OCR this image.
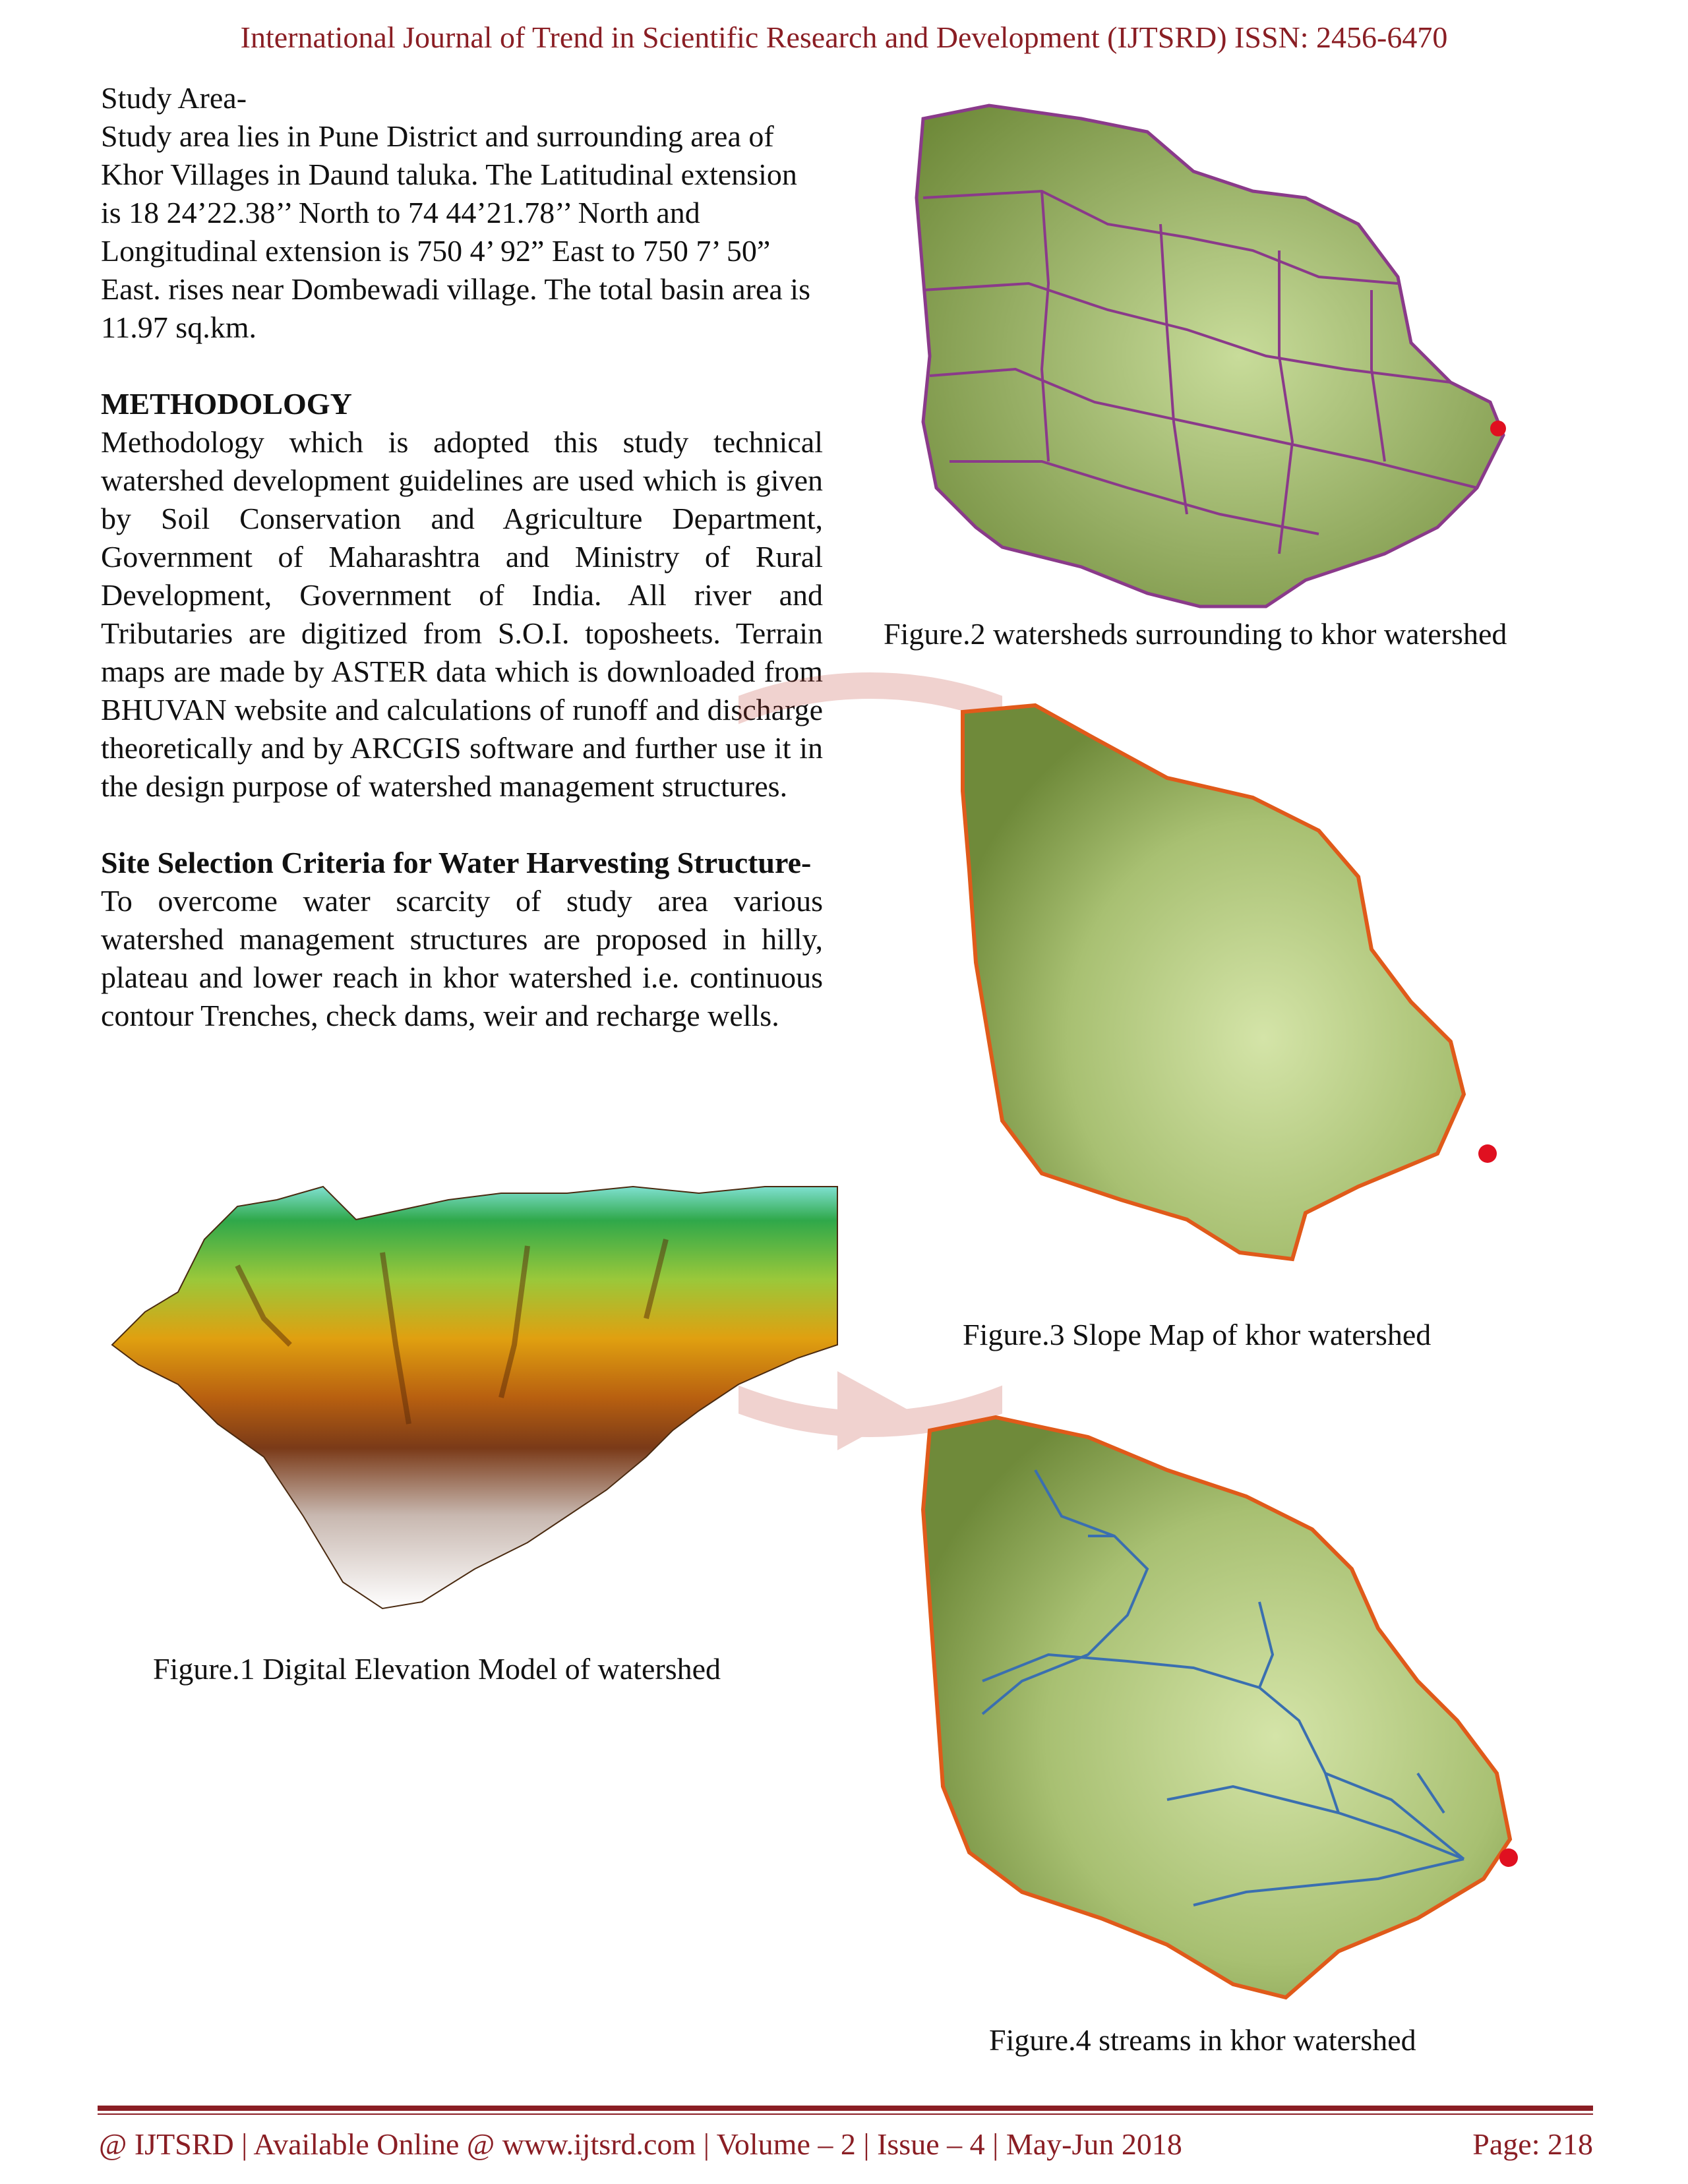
International Journal of Trend in Scientific Research and Development (IJTSRD) ISSN: 2456-6470

Study Area-

Study area lies in Pune District and surrounding area of Khor Villages in Daund taluka. The Latitudinal extension is 18 24’22.38’’ North to 74 44’21.78’’ North and Longitudinal extension is 750 4’ 92” East to 750 7’ 50” East. rises near Dombewadi village. The total basin area is 11.97 sq.km.

METHODOLOGY

Methodology which is adopted this study technical watershed development guidelines are used which is given by Soil Conservation and Agriculture Department, Government of Maharashtra and Ministry of Rural Development, Government of India. All river and Tributaries are digitized from S.O.I. toposheets. Terrain maps are made by ASTER data which is downloaded from BHUVAN website and calculations of runoff and discharge theoretically and by ARCGIS software and further use it in the design purpose of watershed management structures.

Site Selection Criteria for Water Harvesting Structure-

To overcome water scarcity of study area various watershed management structures are proposed in hilly, plateau and lower reach in khor watershed i.e. continuous contour Trenches, check dams, weir and recharge wells.

Figure.1 Digital Elevation Model of watershed
Figure.2 watersheds surrounding to khor watershed
Figure.3 Slope Map of khor watershed
Figure.4 streams in khor watershed
@ IJTSRD | Available Online @ www.ijtsrd.com | Volume – 2 | Issue – 4 | May-Jun 2018	Page: 218
